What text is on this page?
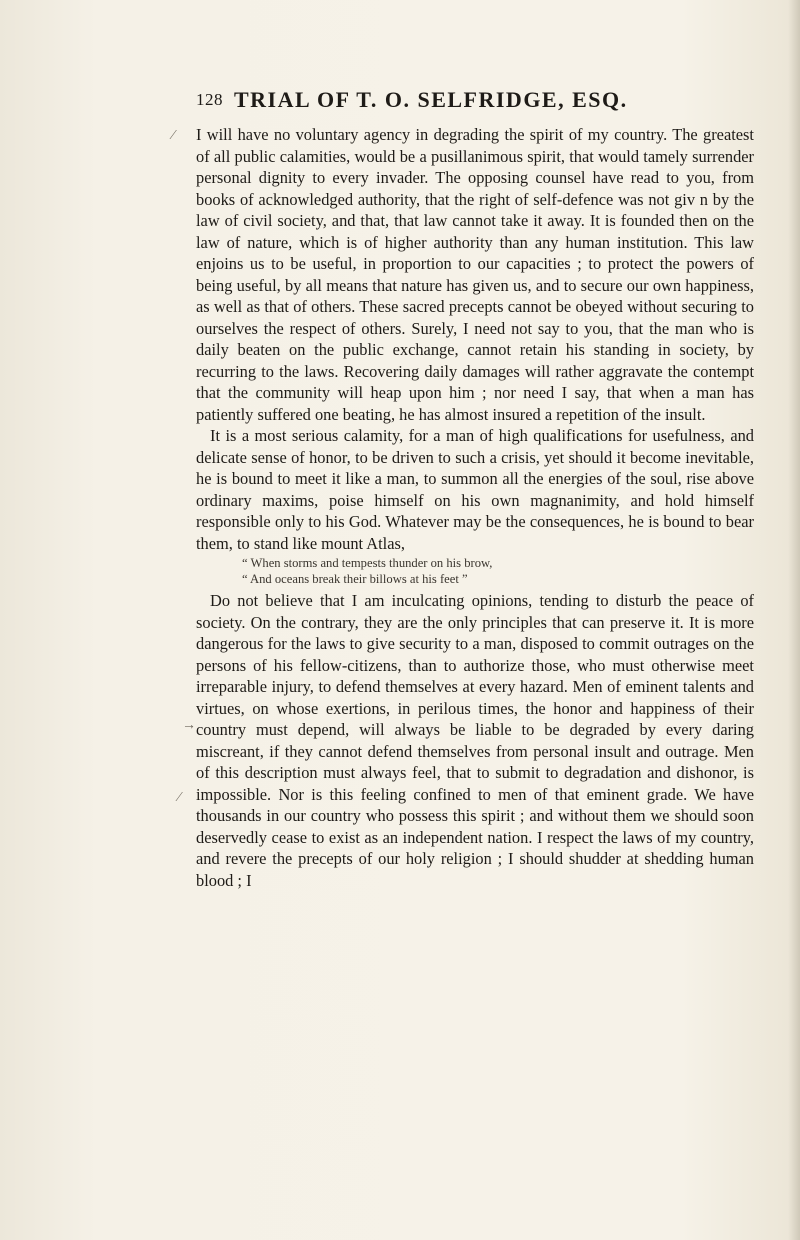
128 TRIAL OF T. O. SELFRIDGE, ESQ.

I will have no voluntary agency in degrading the spirit of my country. The greatest of all public calamities, would be a pusillanimous spirit, that would tamely surrender personal dignity to every invader. The opposing counsel have read to you, from books of acknowledged authority, that the right of self-defence was not giv n by the law of civil society, and that, that law cannot take it away. It is founded then on the law of nature, which is of higher authority than any human institution. This law enjoins us to be useful, in proportion to our capacities ; to protect the powers of being useful, by all means that nature has given us, and to secure our own happiness, as well as that of others. These sacred precepts cannot be obeyed without securing to ourselves the respect of others. Surely, I need not say to you, that the man who is daily beaten on the public exchange, cannot retain his standing in society, by recurring to the laws. Recovering daily damages will rather aggravate the contempt that the community will heap upon him ; nor need I say, that when a man has patiently suffered one beating, he has almost insured a repetition of the insult.

It is a most serious calamity, for a man of high qualifications for usefulness, and delicate sense of honor, to be driven to such a crisis, yet should it become inevitable, he is bound to meet it like a man, to summon all the energies of the soul, rise above ordinary maxims, poise himself on his own magnanimity, and hold himself responsible only to his God. Whatever may be the consequences, he is bound to bear them, to stand like mount Atlas,

“ When storms and tempests thunder on his brow,
“ And oceans break their billows at his feet ”

Do not believe that I am inculcating opinions, tending to disturb the peace of society. On the contrary, they are the only principles that can preserve it. It is more dangerous for the laws to give security to a man, disposed to commit outrages on the persons of his fellow-citizens, than to authorize those, who must otherwise meet irreparable injury, to defend themselves at every hazard. Men of eminent talents and virtues, on whose exertions, in perilous times, the honor and happiness of their country must depend, will always be liable to be degraded by every daring miscreant, if they cannot defend themselves from personal insult and outrage. Men of this description must always feel, that to submit to degradation and dishonor, is impossible. Nor is this feeling confined to men of that eminent grade. We have thousands in our country who possess this spirit ; and without them we should soon deservedly cease to exist as an independent nation. I respect the laws of my country, and revere the precepts of our holy religion ; I should shudder at shedding human blood ; I

⁄
→
⁄
